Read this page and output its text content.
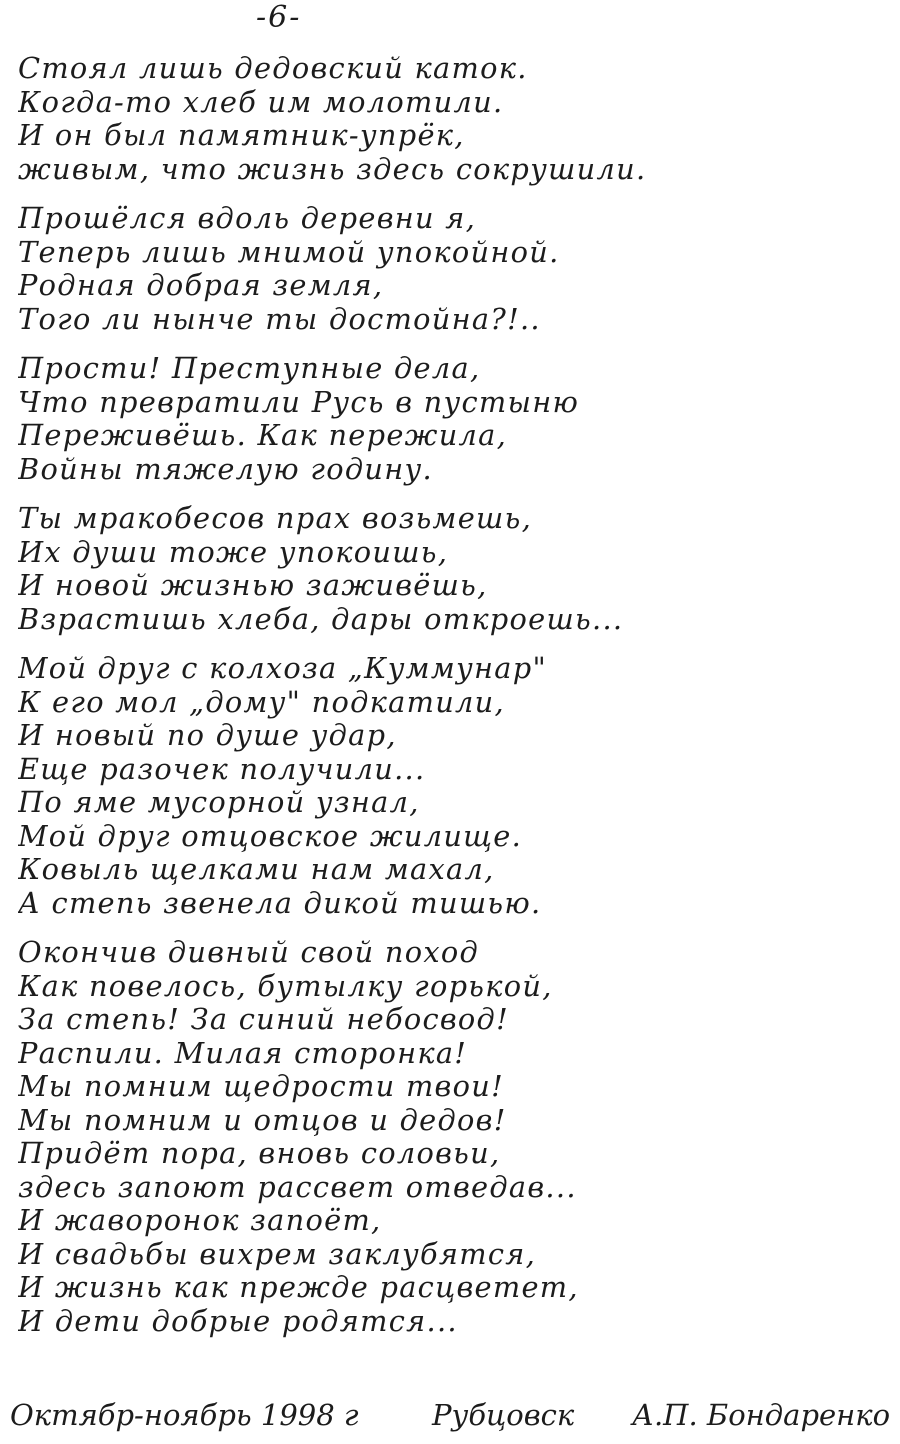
-6-
Стоял лишь дедовский каток.
Когда-то хлеб им молотили.
И он был памятник-упрёк,
живым, что жизнь здесь сокрушили.
Прошёлся вдоль деревни я,
Теперь лишь мнимой упокойной.
Родная добрая земля,
Того ли нынче ты достойна?!..
Прости! Преступные дела,
Что превратили Русь в пустыню
Переживёшь. Как пережила,
Войны тяжелую годину.
Ты мракобесов прах возьмешь,
Их души тоже упокоишь,
И новой жизнью заживёшь,
Взрастишь хлеба, дары откроешь...
Мой друг с колхоза „Куммунар"
К его мол „дому" подкатили,
И новый по душе удар,
Еще разочек получили...
По яме мусорной узнал,
Мой друг отцовское жилище.
Ковыль щелками нам махал,
А степь звенела дикой тишью.
Окончив дивный свой поход
Как повелось, бутылку горькой,
За степь! За синий небосвод!
Распили. Милая сторонка!
Мы помним щедрости твои!
Мы помним и отцов и дедов!
Придёт пора, вновь соловьи,
здесь запоют рассвет отведав...
И жаворонок запоёт,
И свадьбы вихрем заклубятся,
И жизнь как прежде расцветет,
И дети добрые родятся...
Октябр-ноябрь 1998 г	Рубцовск А.П. Бондаренко
